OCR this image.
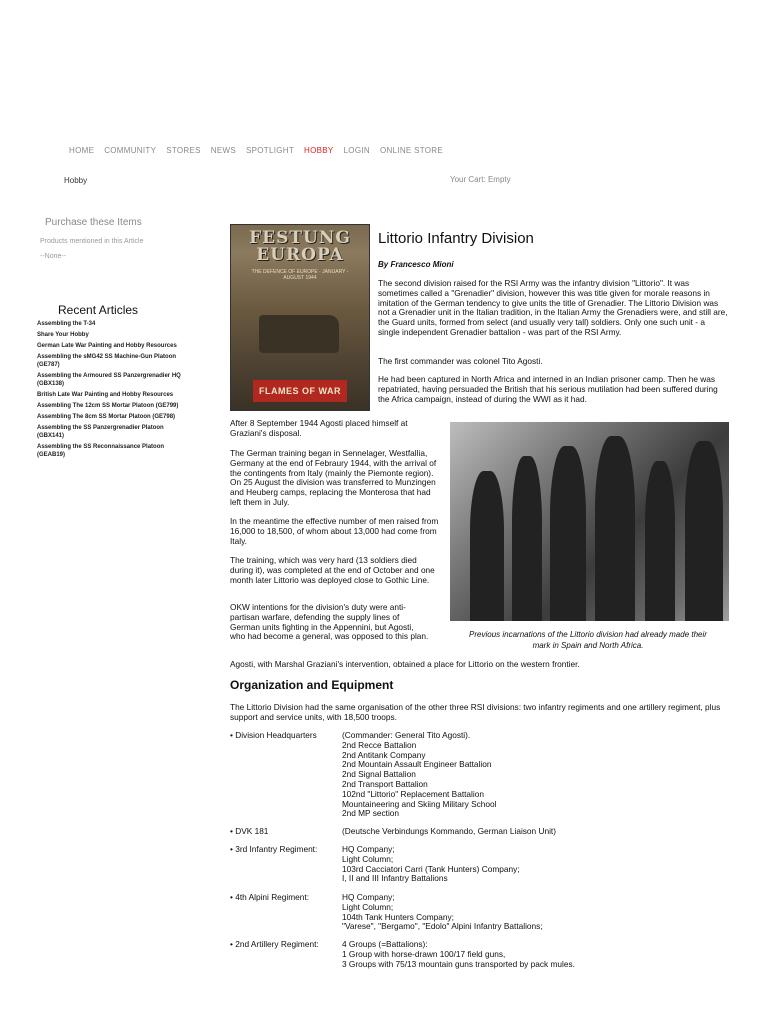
HOME COMMUNITY STORES NEWS SPOTLIGHT HOBBY LOGIN ONLINE STORE
Hobby	Your Cart: Empty
Purchase these Items
Products mentioned in this Article
--None--
Recent Articles
Assembling the T-34
Share Your Hobby
German Late War Painting and Hobby Resources
Assembling the sMG42 SS Machine-Gun Platoon (GE787)
Assembling the Armoured SS Panzergrenadier HQ (GBX138)
British Late War Painting and Hobby Resources
Assembling The 12cm SS Mortar Platoon (GE799)
Assembling The 8cm SS Mortar Platoon (GE798)
Assembling the SS Panzergrenadier Platoon (GBX141)
Assembling the SS Reconnaissance Platoon (GEAB19)
FESTUNG EUROPA
THE DEFENCE OF EUROPE · JANUARY - AUGUST 1944
FLAMES OF WAR
Littorio Infantry Division
By Francesco Mioni
The second division raised for the RSI Army was the infantry division "Littorio". It was sometimes called a "Grenadier" division, however this was title given for morale reasons in imitation of the German tendency to give units the title of Grenadier. The Littorio Division was not a Grenadier unit in the Italian tradition, in the Italian Army the Grenadiers were, and still are, the Guard units, formed from select (and usually very tall) soldiers. Only one such unit - a single independent Grenadier battalion - was part of the RSI Army.
The first commander was colonel Tito Agosti.
He had been captured in North Africa and interned in an Indian prisoner camp. Then he was repatriated, having persuaded the British that his serious mutilation had been suffered during the Africa campaign, instead of during the WWI as it had.
After 8 September 1944 Agosti placed himself at Graziani's disposal.
The German training began in Sennelager, Westfallia, Germany at the end of Febraury 1944, with the arrival of the contingents from Italy (mainly the Piemonte region). On 25 August the division was transferred to Munzingen and Heuberg camps, replacing the Monterosa that had left them in July.
In the meantime the effective number of men raised from 16,000 to 18,500, of whom about 13,000 had come from Italy.
The training, which was very hard (13 soldiers died during it), was completed at the end of October and one month later Littorio was deployed close to Gothic Line.
OKW intentions for the division's duty were anti-partisan warfare, defending the supply lines of German units fighting in the Appennini, but Agosti, who had become a general, was opposed to this plan.	Previous incarnations of the Littorio division had already made their mark in Spain and North Africa.
Agosti, with Marshal Graziani's intervention, obtained a place for Littorio on the western frontier.
Organization and Equipment
The Littorio Division had the same organisation of the other three RSI divisions: two infantry regiments and one artillery regiment, plus support and service units, with 18,500 troops.
• Division Headquarters	(Commander: General Tito Agosti).
2nd Recce Battalion
2nd Antitank Company
2nd Mountain Assault Engineer Battalion
2nd Signal Battalion
2nd Transport Battalion
102nd "Littorio" Replacement Battalion
Mountaineering and Skiing Military School
2nd MP section
• DVK 181	(Deutsche Verbindungs Kommando, German Liaison Unit)
• 3rd Infantry Regiment:	HQ Company;
Light Column;
103rd Cacciatori Carri (Tank Hunters) Company;
I, II and III Infantry Battalions
• 4th Alpini Regiment:	HQ Company;
Light Column;
104th Tank Hunters Company;
"Varese", "Bergamo", "Edolo" Alpini Infantry Battalions;
• 2nd Artillery Regiment:	4 Groups (=Battalions):
1 Group with horse-drawn 100/17 field guns,
3 Groups with 75/13 mountain guns transported by pack mules.
